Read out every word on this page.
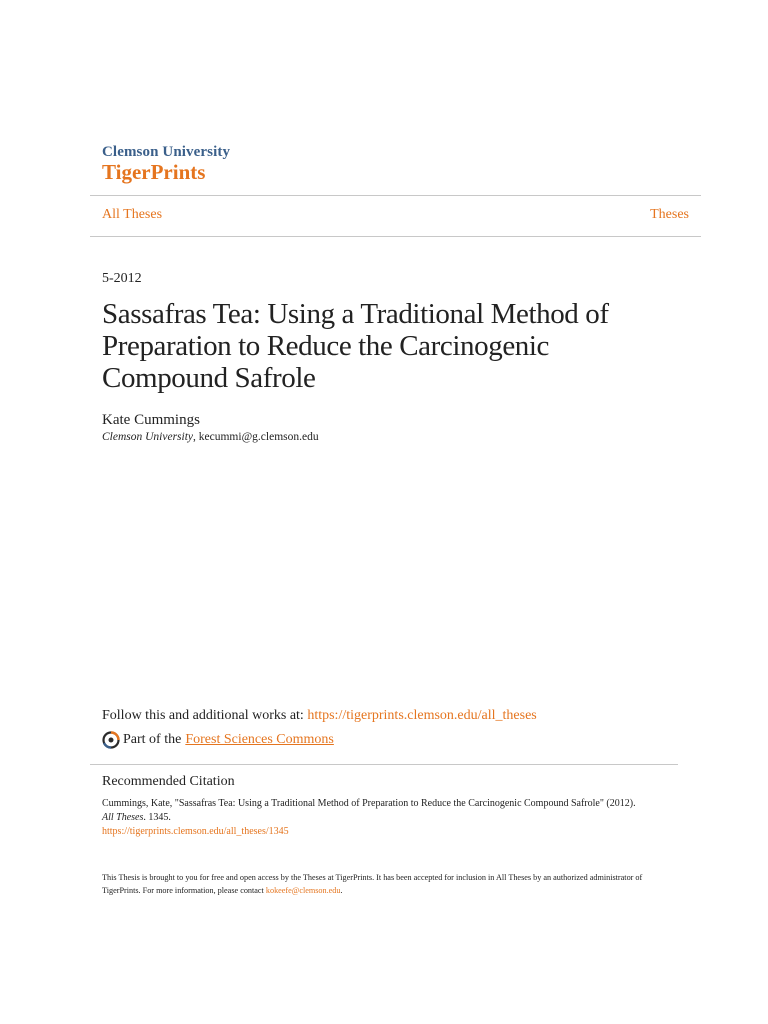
Clemson University
TigerPrints
All Theses	Theses
5-2012
Sassafras Tea: Using a Traditional Method of Preparation to Reduce the Carcinogenic Compound Safrole
Kate Cummings
Clemson University, kecummi@g.clemson.edu
Follow this and additional works at: https://tigerprints.clemson.edu/all_theses
Part of the Forest Sciences Commons
Recommended Citation
Cummings, Kate, "Sassafras Tea: Using a Traditional Method of Preparation to Reduce the Carcinogenic Compound Safrole" (2012).
All Theses. 1345.
https://tigerprints.clemson.edu/all_theses/1345
This Thesis is brought to you for free and open access by the Theses at TigerPrints. It has been accepted for inclusion in All Theses by an authorized administrator of TigerPrints. For more information, please contact kokeefe@clemson.edu.
